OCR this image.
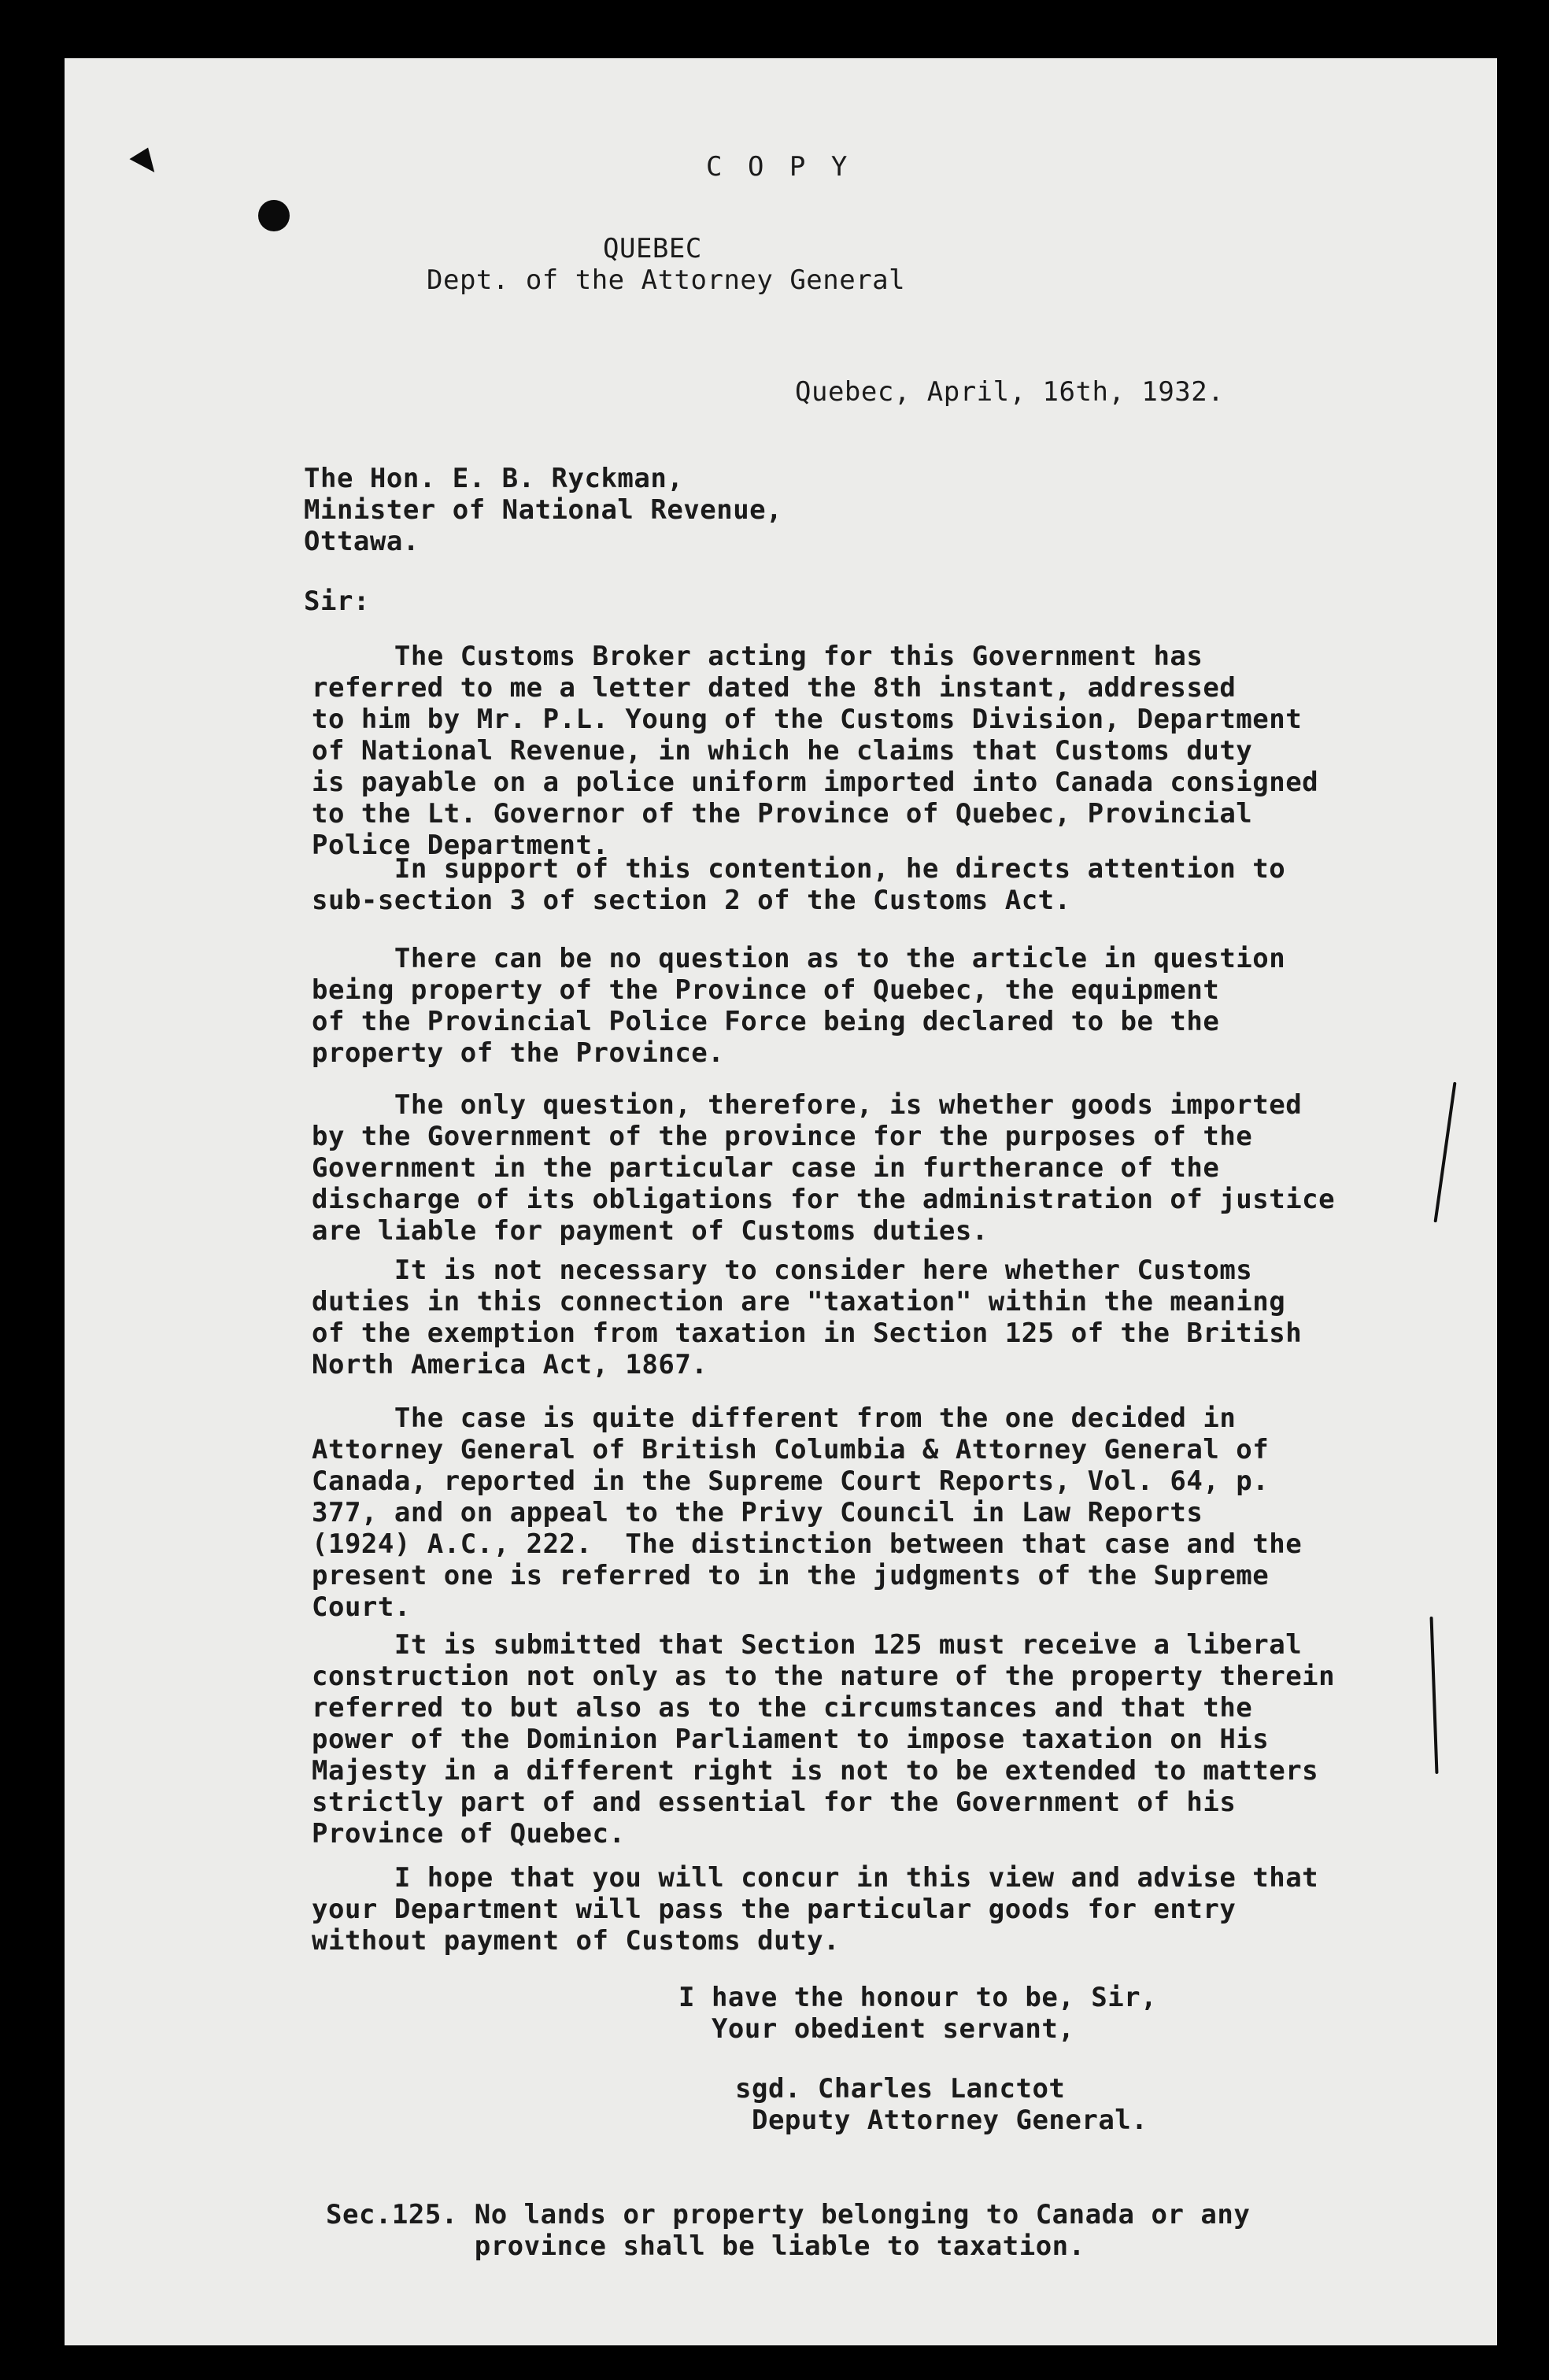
C O P Y
QUEBEC
Dept. of the Attorney General
Quebec, April, 16th, 1932.
The Hon. E. B. Ryckman,
Minister of National Revenue,
Ottawa.
Sir:
The Customs Broker acting for this Government has
referred to me a letter dated the 8th instant, addressed
to him by Mr. P.L. Young of the Customs Division, Department
of National Revenue, in which he claims that Customs duty
is payable on a police uniform imported into Canada consigned
to the Lt. Governor of the Province of Quebec, Provincial
Police Department.
In support of this contention, he directs attention to
sub-section 3 of section 2 of the Customs Act.
There can be no question as to the article in question
being property of the Province of Quebec, the equipment
of the Provincial Police Force being declared to be the
property of the Province.
The only question, therefore, is whether goods imported
by the Government of the province for the purposes of the
Government in the particular case in furtherance of the
discharge of its obligations for the administration of justice
are liable for payment of Customs duties.
It is not necessary to consider here whether Customs
duties in this connection are "taxation" within the meaning
of the exemption from taxation in Section 125 of the British
North America Act, 1867.
The case is quite different from the one decided in
Attorney General of British Columbia & Attorney General of
Canada, reported in the Supreme Court Reports, Vol. 64, p.
377, and on appeal to the Privy Council in Law Reports
(1924) A.C., 222.  The distinction between that case and the
present one is referred to in the judgments of the Supreme
Court.
It is submitted that Section 125 must receive a liberal
construction not only as to the nature of the property therein
referred to but also as to the circumstances and that the
power of the Dominion Parliament to impose taxation on His
Majesty in a different right is not to be extended to matters
strictly part of and essential for the Government of his
Province of Quebec.
I hope that you will concur in this view and advise that
your Department will pass the particular goods for entry
without payment of Customs duty.
I have the honour to be, Sir,
Your obedient servant,
sgd. Charles Lanctot
Deputy Attorney General.
Sec.125. No lands or property belonging to Canada or any
province shall be liable to taxation.
